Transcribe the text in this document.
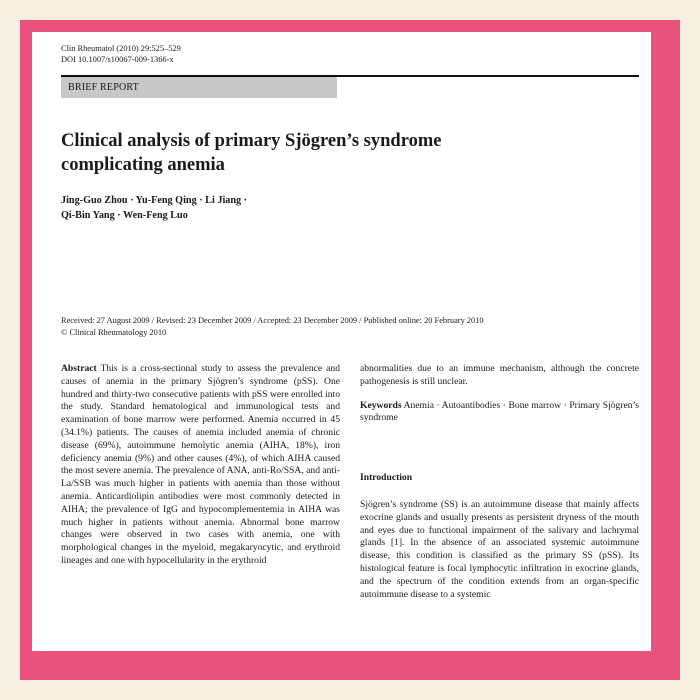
Clin Rheumatol (2010) 29:525–529
DOI 10.1007/s10067-009-1366-x
BRIEF REPORT
Clinical analysis of primary Sjögren’s syndrome
complicating anemia
Jing-Guo Zhou · Yu-Feng Qing · Li Jiang ·
Qi-Bin Yang · Wen-Feng Luo
Received: 27 August 2009 / Revised: 23 December 2009 / Accepted: 23 December 2009 / Published online: 20 February 2010
© Clinical Rheumatology 2010

Abstract This is a cross-sectional study to assess the prevalence and causes of anemia in the primary Sjögren’s syndrome (pSS). One hundred and thirty-two consecutive patients with pSS were enrolled into the study. Standard hematological and immunological tests and examination of bone marrow were performed. Anemia occurred in 45 (34.1%) patients. The causes of anemia included anemia of chronic disease (69%), autoimmune hemolytic anemia (AIHA, 18%), iron deficiency anemia (9%) and other causes (4%), of which AIHA caused the most severe anemia. The prevalence of ANA, anti-Ro/SSA, and anti-La/SSB was much higher in patients with anemia than those without anemia. Anticardiolipin antibodies were most commonly detected in AIHA; the prevalence of IgG and hypocomplementemia in AIHA was much higher in patients without anemia. Abnormal bone marrow changes were observed in two cases with anemia, one with morphological changes in the myeloid, megakaryocytic, and erythroid lineages and one with hypocellularity in the erythroid

abnormalities due to an immune mechanism, although the concrete pathogenesis is still unclear.

Keywords Anemia · Autoantibodies · Bone marrow · Primary Sjögren’s syndrome

Introduction

Sjögren’s syndrome (SS) is an autoimmune disease that mainly affects exocrine glands and usually presents as persistent dryness of the mouth and eyes due to functional impairment of the salivary and lachrymal glands [1]. In the absence of an associated systemic autoimmune disease, this condition is classified as the primary SS (pSS). Its histological feature is focal lymphocytic infiltration in exocrine glands, and the spectrum of the condition extends from an organ-specific autoimmune disease to a systemic
